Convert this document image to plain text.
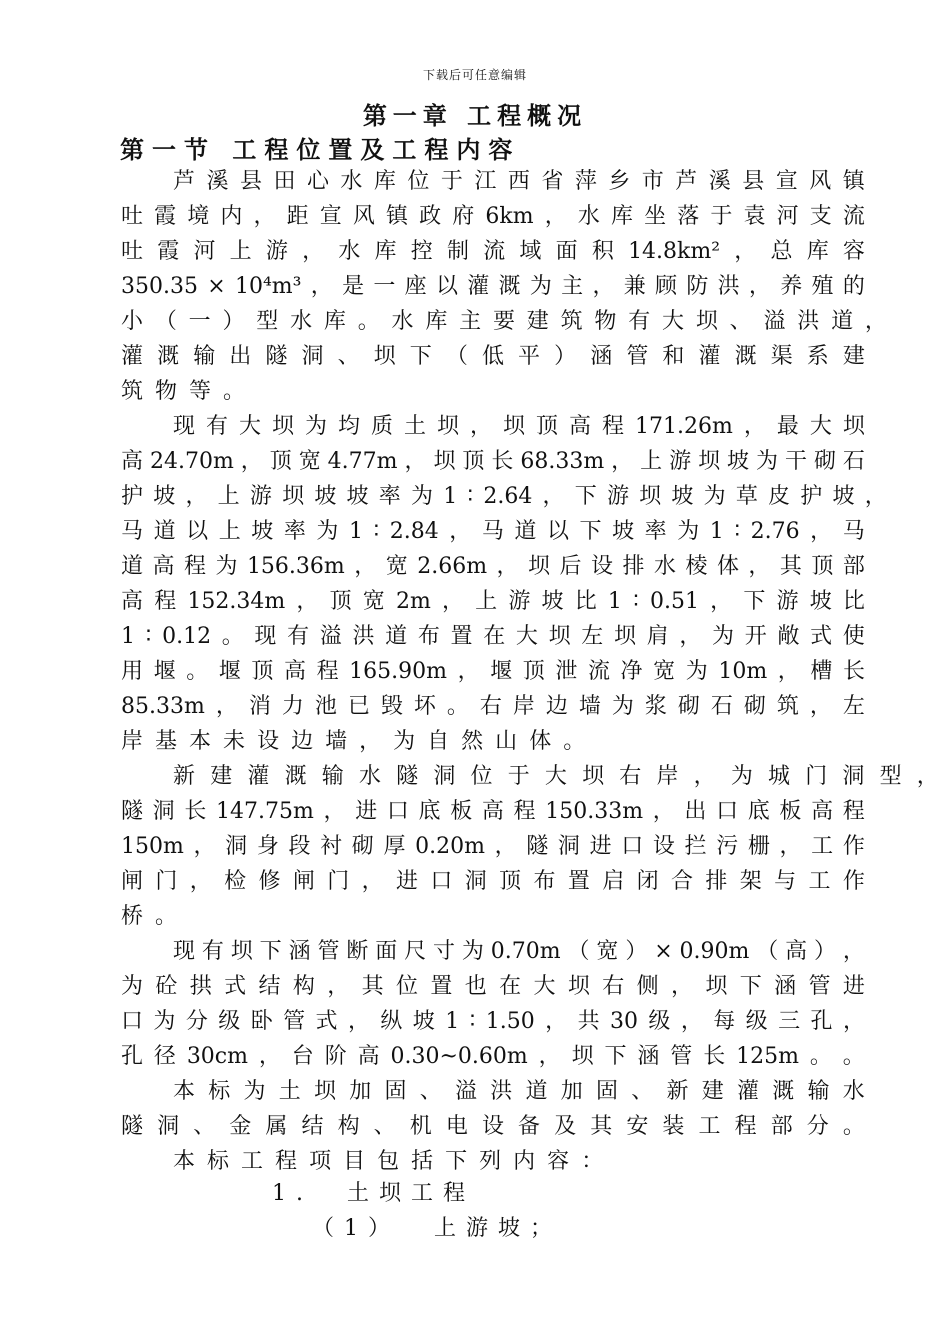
下载后可任意编辑
第一章 工程概况
第一节 工程位置及工程内容
芦 溪 县 田 心 水 库 位 于 江 西 省 萍 乡 市 芦 溪 县 宣 风 镇
吐 霞 境 内 ， 距 宣 风 镇 政 府 6km ， 水 库 坐 落 于 袁 河 支 流
吐 霞 河 上 游 ， 水 库 控 制 流 域 面 积 14.8km² ， 总 库 容
350.35 × 10⁴m³ ， 是 一 座 以 灌 溉 为 主 ， 兼 顾 防 洪 ， 养 殖 的
小 （ 一 ） 型 水 库 。 水 库 主 要 建 筑 物 有 大 坝 、 溢 洪 道 ，
灌 溉 输 出 隧 洞 、 坝 下 （ 低 平 ） 涵 管 和 灌 溉 渠 系 建
筑 物 等 。
现 有 大 坝 为 均 质 土 坝 ， 坝 顶 高 程 171.26m ， 最 大 坝
高 24.70m ， 顶 宽 4.77m ， 坝 顶 长 68.33m ， 上 游 坝 坡 为 干 砌 石
护 坡 ， 上 游 坝 坡 坡 率 为 1 ∶ 2.64 ， 下 游 坝 坡 为 草 皮 护 坡 ，
马 道 以 上 坡 率 为 1 ∶ 2.84 ， 马 道 以 下 坡 率 为 1 ∶ 2.76 ， 马
道 高 程 为 156.36m ， 宽 2.66m ， 坝 后 设 排 水 棱 体 ， 其 顶 部
高 程 152.34m ， 顶 宽 2m ， 上 游 坡 比 1 ∶ 0.51 ， 下 游 坡 比
1 ∶ 0.12 。 现 有 溢 洪 道 布 置 在 大 坝 左 坝 肩 ， 为 开 敞 式 使
用 堰 。 堰 顶 高 程 165.90m ， 堰 顶 泄 流 净 宽 为 10m ， 槽 长
85.33m ， 消 力 池 已 毁 坏 。 右 岸 边 墙 为 浆 砌 石 砌 筑 ， 左
岸 基 本 未 设 边 墙 ， 为 自 然 山 体 。
新 建 灌 溉 输 水 隧 洞 位 于 大 坝 右 岸 ， 为 城 门 洞 型 ，
隧 洞 长 147.75m ， 进 口 底 板 高 程 150.33m ， 出 口 底 板 高 程
150m ， 洞 身 段 衬 砌 厚 0.20m ， 隧 洞 进 口 设 拦 污 栅 ， 工 作
闸 门 ， 检 修 闸 门 ， 进 口 洞 顶 布 置 启 闭 合 排 架 与 工 作
桥 。
现 有 坝 下 涵 管 断 面 尺 寸 为 0.70m （ 宽 ） × 0.90m （ 高 ） ，
为 砼 拱 式 结 构 ， 其 位 置 也 在 大 坝 右 侧 ， 坝 下 涵 管 进
口 为 分 级 卧 管 式 ， 纵 坡 1 ∶ 1.50 ， 共 30 级 ， 每 级 三 孔 ，
孔 径 30cm ， 台 阶 高 0.30~0.60m ， 坝 下 涵 管 长 125m 。 。
本 标 为 土 坝 加 固 、 溢 洪 道 加 固 、 新 建 灌 溉 输 水
隧 洞 、 金 属 结 构 、 机 电 设 备 及 其 安 装 工 程 部 分 。
本 标 工 程 项 目 包 括 下 列 内 容 ：
1.  土坝工程
（1）  上游坡；
